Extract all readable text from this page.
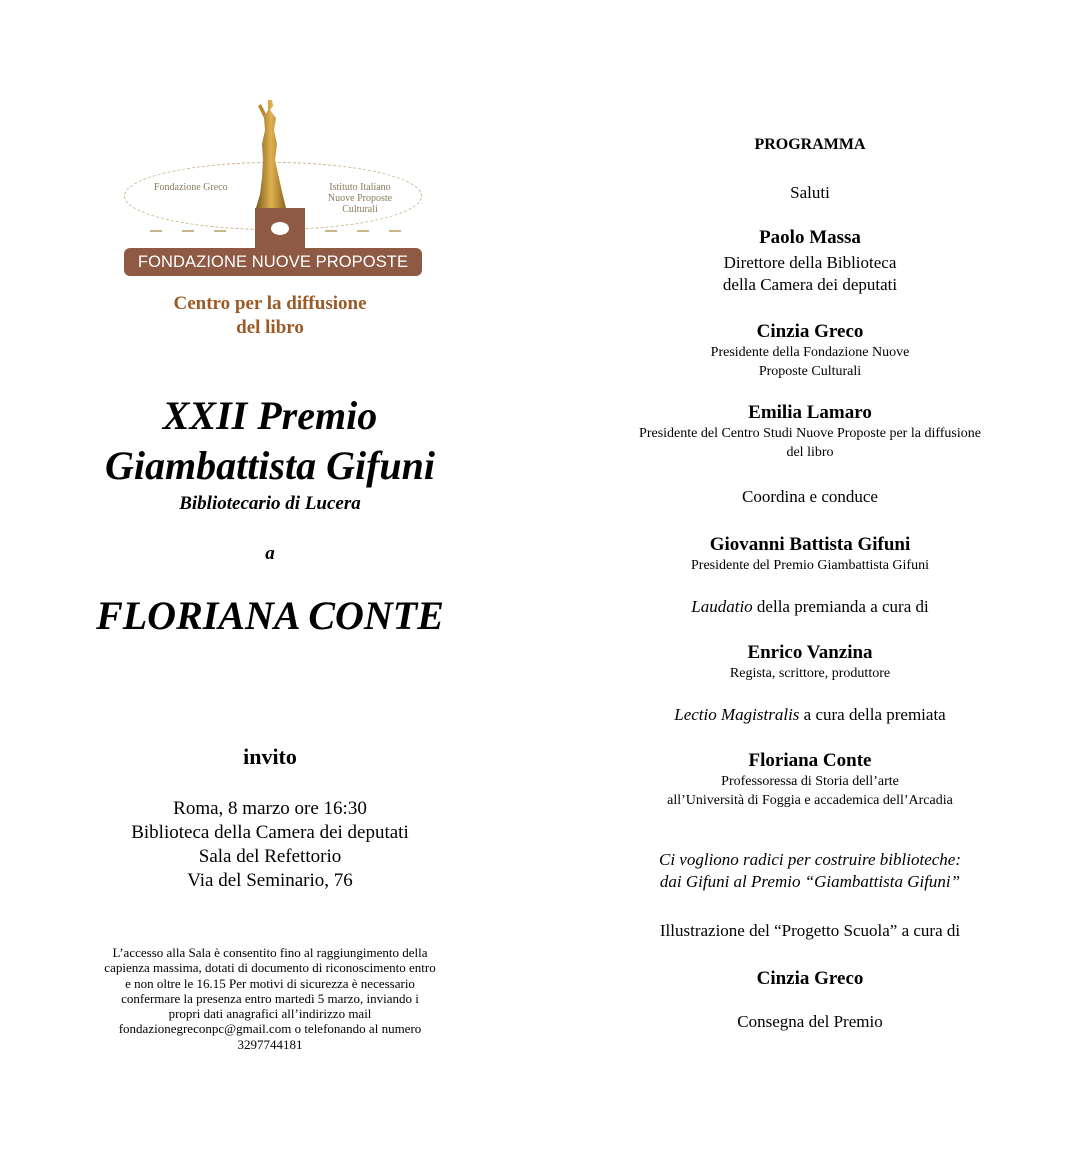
Fondazione Greco	Istituto Italiano
Nuove Proposte Culturali
FONDAZIONE NUOVE PROPOSTE
Centro per la diffusione
del libro
XXII Premio
Giambattista Gifuni
Bibliotecario di Lucera
a
FLORIANA CONTE
invito
Roma, 8 marzo ore 16:30
Biblioteca della Camera dei deputati
Sala del Refettorio
Via del Seminario, 76
L’accesso alla Sala è consentito fino al raggiungimento della
capienza massima, dotati di documento di riconoscimento entro
e non oltre le 16.15 Per motivi di sicurezza è necessario
confermare la presenza entro martedì 5 marzo, inviando i
propri dati anagrafici all’indirizzo mail
fondazionegreconpc@gmail.com o telefonando al numero
3297744181
PROGRAMMA
Saluti
Paolo Massa
Direttore della Biblioteca
della Camera dei deputati
Cinzia Greco
Presidente della Fondazione Nuove
Proposte Culturali
Emilia Lamaro
Presidente del Centro Studi Nuove Proposte per la diffusione
del libro
Coordina e conduce
Giovanni Battista Gifuni
Presidente del Premio Giambattista Gifuni
Laudatio della premianda a cura di
Enrico Vanzina
Regista, scrittore, produttore
Lectio Magistralis a cura della premiata
Floriana Conte
Professoressa di Storia dell’arte
all’Università di Foggia e accademica dell’Arcadia
Ci vogliono radici per costruire biblioteche:
dai Gifuni al Premio “Giambattista Gifuni”
Illustrazione del “Progetto Scuola” a cura di
Cinzia Greco
Consegna del Premio
